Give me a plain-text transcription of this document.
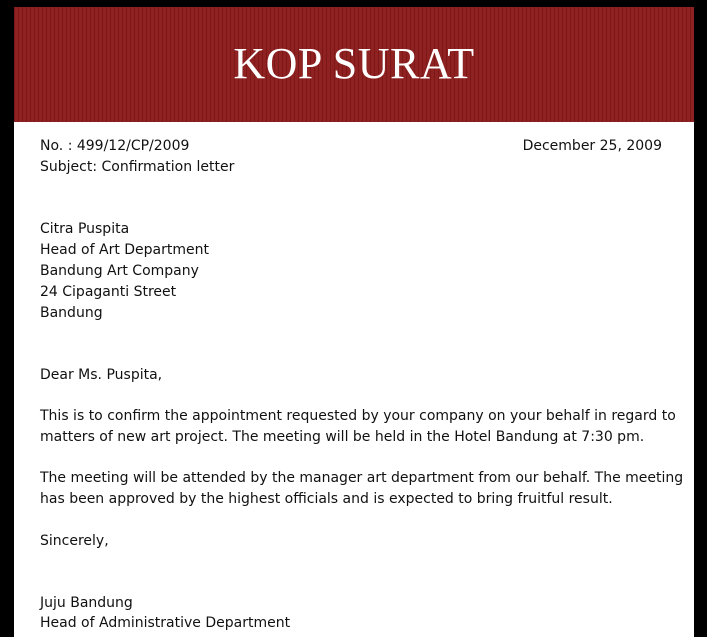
KOP SURAT
No. : 499/12/CP/2009
Subject: Confirmation letter
December 25, 2009
Citra Puspita
Head of Art Department
Bandung Art Company
24 Cipaganti Street
Bandung
Dear Ms. Puspita,
This is to confirm the appointment requested by your company on your behalf in regard to
matters of new art project. The meeting will be held in the Hotel Bandung at 7:30 pm.
The meeting will be attended by the manager art department from our behalf. The meeting
has been approved by the highest officials and is expected to bring fruitful result.
Sincerely,
Juju Bandung
Head of Administrative Department
